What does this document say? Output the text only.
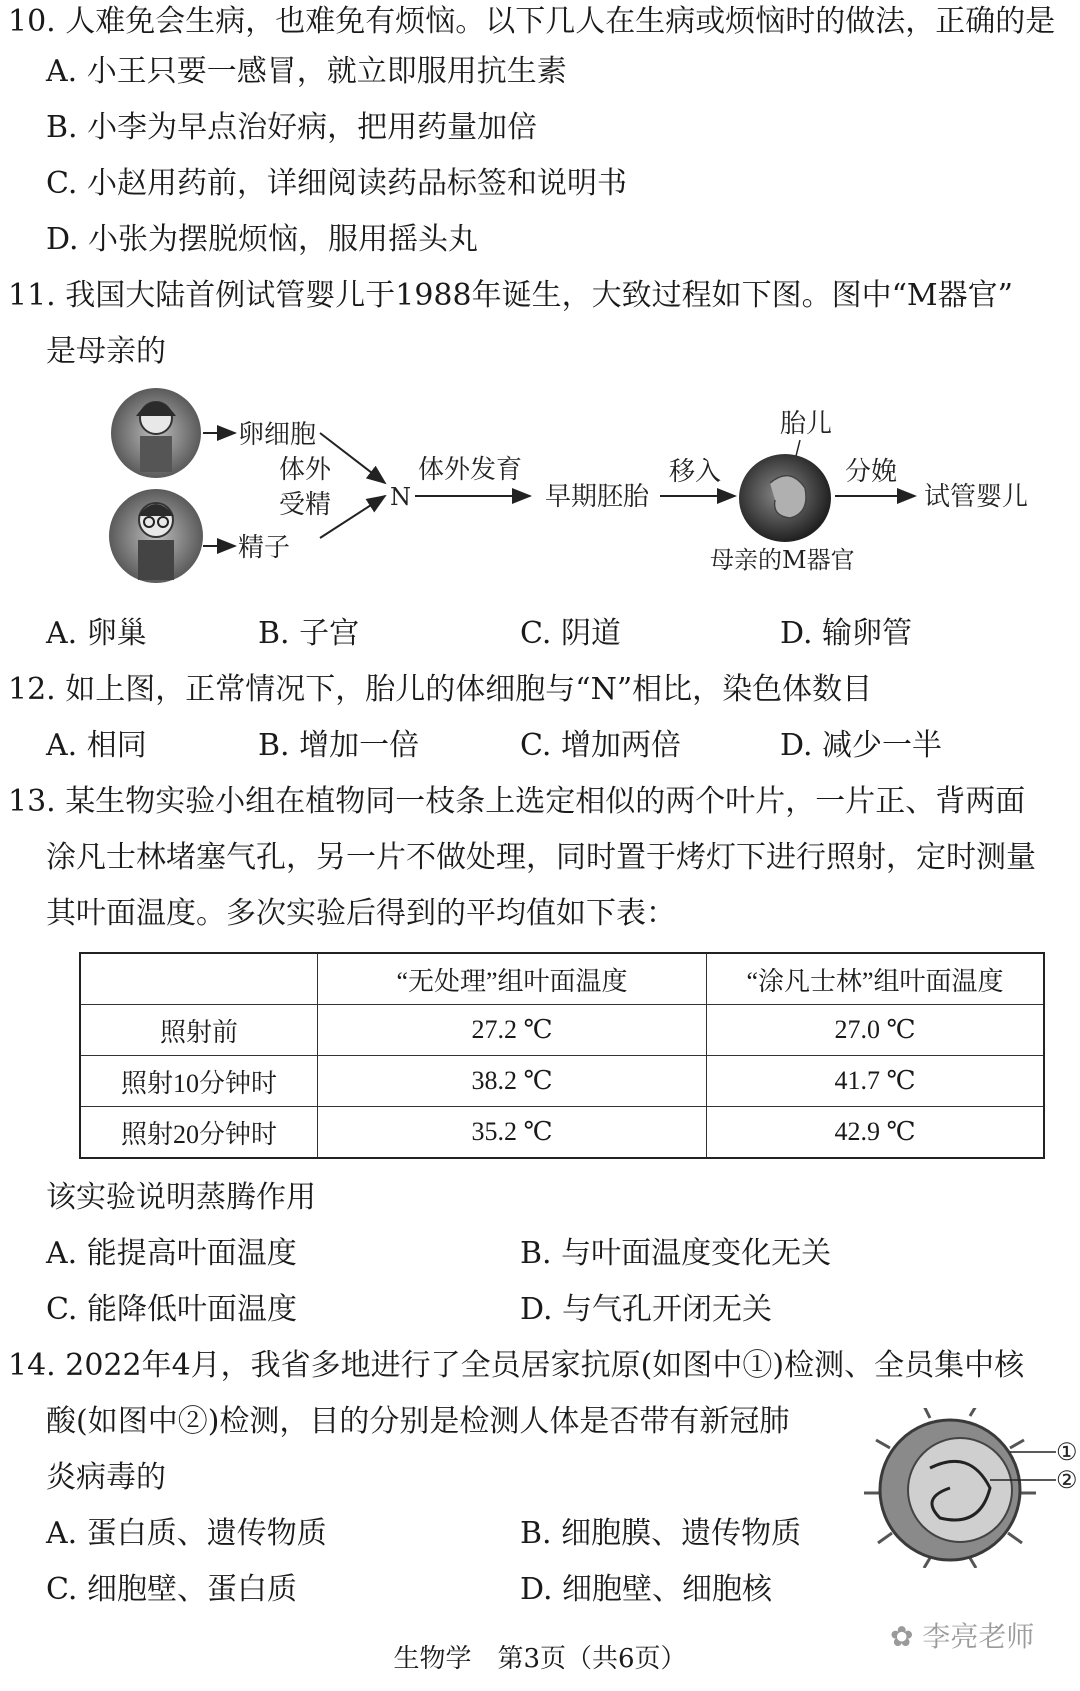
10. 人难免会生病，也难免有烦恼。以下几人在生病或烦恼时的做法，正确的是
A. 小王只要一感冒，就立即服用抗生素
B. 小李为早点治好病，把用药量加倍
C. 小赵用药前，详细阅读药品标签和说明书
D. 小张为摆脱烦恼，服用摇头丸
11. 我国大陆首例试管婴儿于1988年诞生，大致过程如下图。图中“M器官”
是母亲的
卵细胞
体外
受精
精子
N
体外发育
早期胚胎
移入
胎儿
母亲的M器官
分娩
试管婴儿
A. 卵巢	B. 子宫	C. 阴道	D. 输卵管
12. 如上图，正常情况下，胎儿的体细胞与“N”相比，染色体数目
A. 相同	B. 增加一倍	C. 增加两倍	D. 减少一半
13. 某生物实验小组在植物同一枝条上选定相似的两个叶片，一片正、背两面
涂凡士林堵塞气孔，另一片不做处理，同时置于烤灯下进行照射，定时测量
其叶面温度。多次实验后得到的平均值如下表：
	“无处理”组叶面温度	“涂凡士林”组叶面温度
照射前	27.2 ℃	27.0 ℃
照射10分钟时	38.2 ℃	41.7 ℃
照射20分钟时	35.2 ℃	42.9 ℃
该实验说明蒸腾作用
A. 能提高叶面温度	B. 与叶面温度变化无关
C. 能降低叶面温度	D. 与气孔开闭无关
14. 2022年4月，我省多地进行了全员居家抗原(如图中①)检测、全员集中核
酸(如图中②)检测，目的分别是检测人体是否带有新冠肺
炎病毒的
①
②
A. 蛋白质、遗传物质	B. 细胞膜、遗传物质
C. 细胞壁、蛋白质	D. 细胞壁、细胞核
✿ 李亮老师
生物学　第3页（共6页）
